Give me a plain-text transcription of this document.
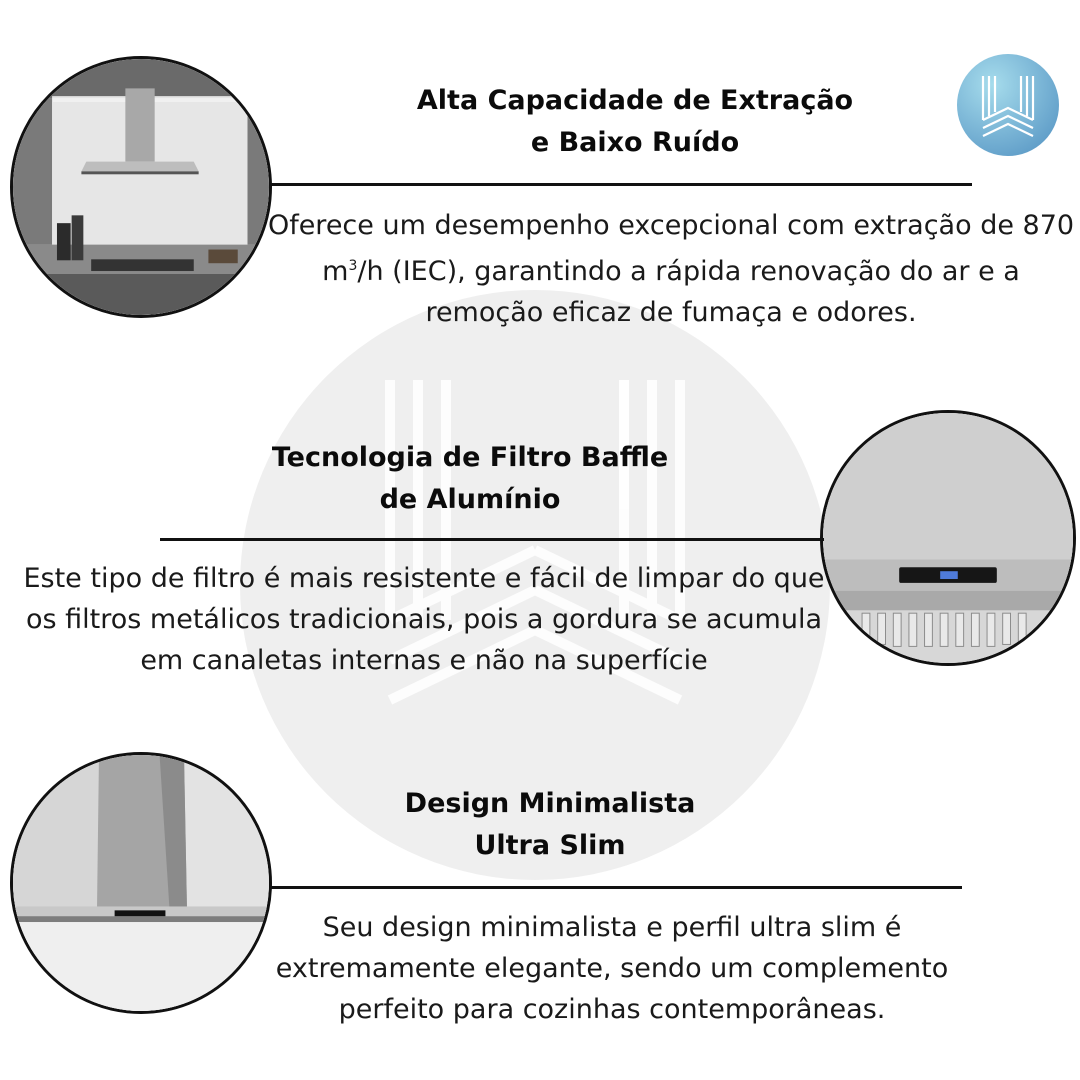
Alta Capacidade de Extração
e Baixo Ruído
Oferece um desempenho excepcional com extração de 870 $m^3/h$ (IEC), garantindo a rápida renovação do ar e a remoção eficaz de fumaça e odores.
Tecnologia de Filtro Baffle
de Alumínio
Este tipo de filtro é mais resistente e fácil de limpar do que os filtros metálicos tradicionais, pois a gordura se acumula em canaletas internas e não na superfície
Design Minimalista
Ultra Slim
Seu design minimalista e perfil ultra slim é extremamente elegante, sendo um complemento perfeito para cozinhas contemporâneas.
